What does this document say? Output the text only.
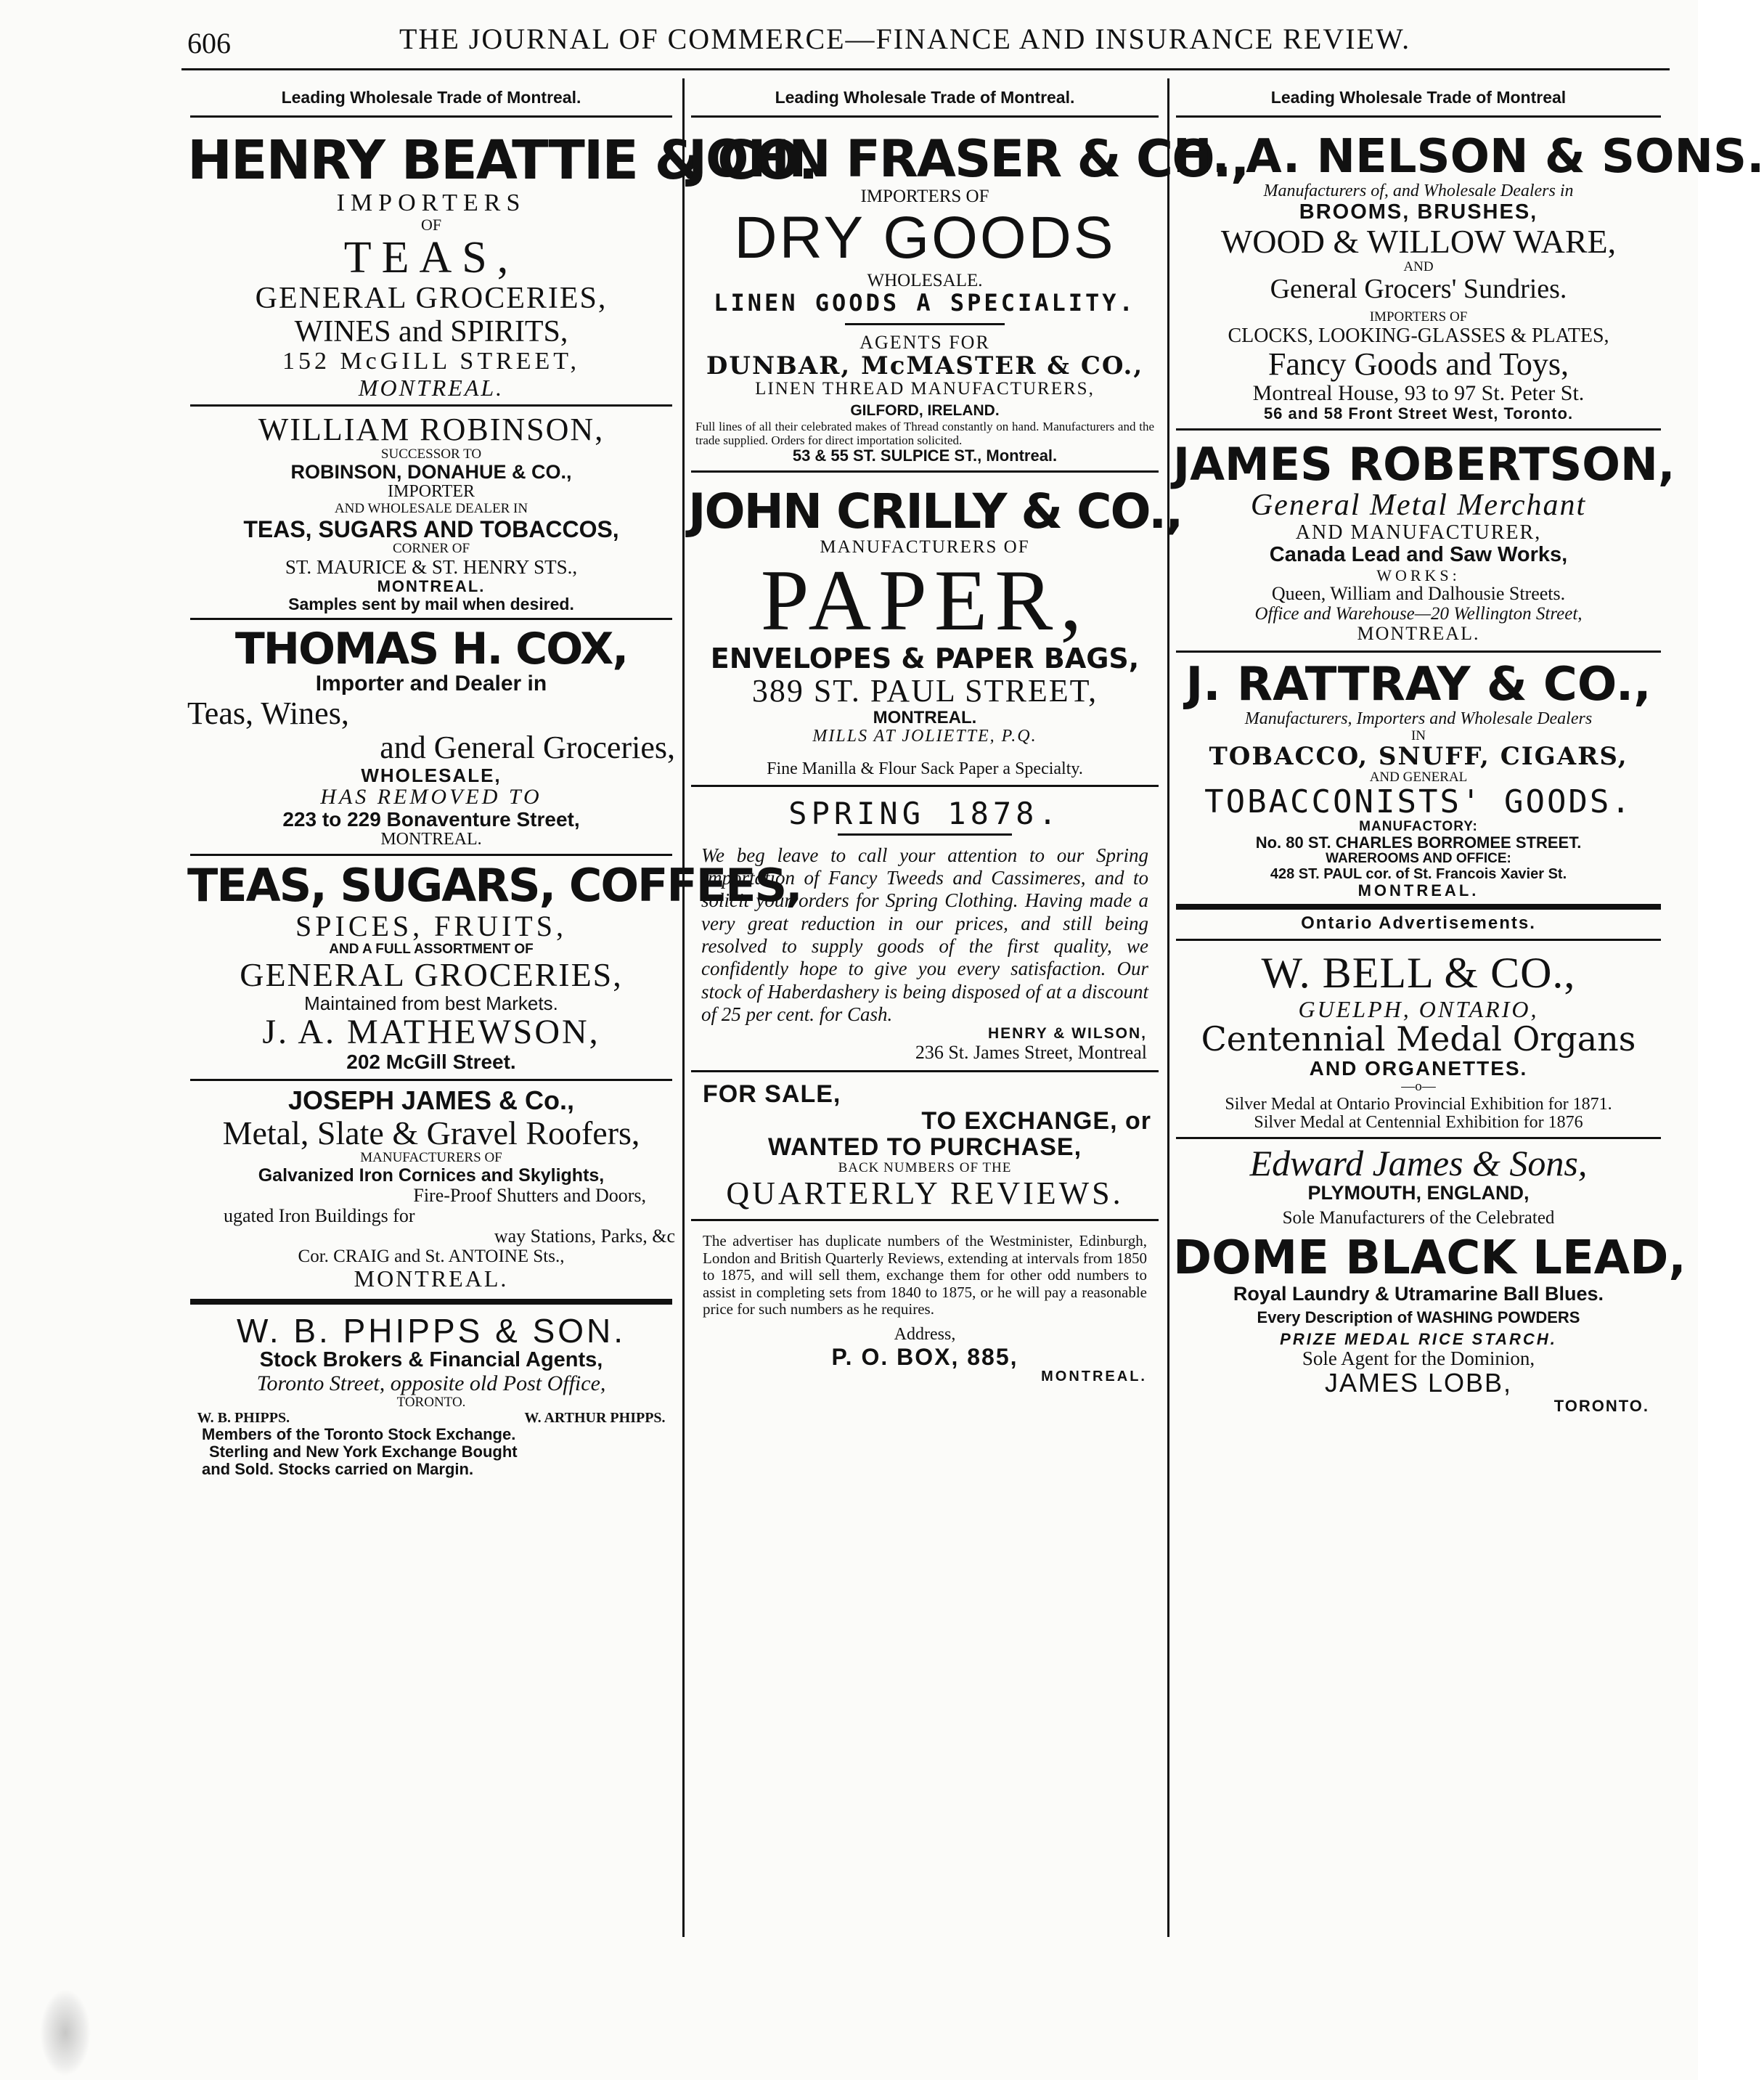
606	THE JOURNAL OF COMMERCE—FINANCE AND INSURANCE REVIEW.
Leading Wholesale Trade of Montreal.
HENRY BEATTIE & CO.
IMPORTERS
OF
TEAS,
GENERAL GROCERIES,
WINES and SPIRITS,
152 McGILL STREET,
MONTREAL.
WILLIAM ROBINSON,
SUCCESSOR TO
ROBINSON, DONAHUE & CO.,
IMPORTER
AND WHOLESALE DEALER IN
TEAS, SUGARS AND TOBACCOS,
CORNER OF
ST. MAURICE & ST. HENRY STS.,
MONTREAL.
Samples sent by mail when desired.
THOMAS H. COX,
Importer and Dealer in
Teas, Wines,
and General Groceries,
WHOLESALE,
HAS REMOVED TO
223 to 229 Bonaventure Street,
MONTREAL.
TEAS, SUGARS, COFFEES,
SPICES, FRUITS,
AND A FULL ASSORTMENT OF
GENERAL GROCERIES,
Maintained from best Markets.
J. A. MATHEWSON,
202 McGill Street.
JOSEPH JAMES & Co.,
Metal, Slate & Gravel Roofers,
MANUFACTURERS OF
Galvanized Iron Cornices and Skylights,
Fire-Proof Shutters and Doors,
ugated Iron Buildings for
way Stations, Parks, &c
Cor. CRAIG and St. ANTOINE Sts.,
MONTREAL.
W. B. PHIPPS & SON.
Stock Brokers & Financial Agents,
Toronto Street, opposite old Post Office,
TORONTO.
W. B. PHIPPS.	W. ARTHUR PHIPPS.
Members of the Toronto Stock Exchange.
Sterling and New York Exchange Bought
and Sold. Stocks carried on Margin.
Leading Wholesale Trade of Montreal.
JOHN FRASER & CO.,
IMPORTERS OF
DRY GOODS
WHOLESALE.
LINEN GOODS A SPECIALITY.
AGENTS FOR
DUNBAR, McMASTER & CO.,
LINEN THREAD MANUFACTURERS,
GILFORD, IRELAND.
Full lines of all their celebrated makes of Thread constantly on hand. Manufacturers and the trade supplied. Orders for direct importation solicited.
53 & 55 ST. SULPICE ST., Montreal.
JOHN CRILLY & CO.,
MANUFACTURERS OF
PAPER,
ENVELOPES & PAPER BAGS,
389 ST. PAUL STREET,
MONTREAL.
MILLS AT JOLIETTE, P.Q.
Fine Manilla & Flour Sack Paper a Specialty.
SPRING 1878.
We beg leave to call your attention to our Spring Importation of Fancy Tweeds and Cassimeres, and to solicit your orders for Spring Clothing. Having made a very great reduction in our prices, and still being resolved to supply goods of the first quality, we confidently hope to give you every satisfaction. Our stock of Haberdashery is being disposed of at a discount of 25 per cent. for Cash.
HENRY & WILSON,
236 St. James Street, Montreal
FOR SALE,
TO EXCHANGE, or
WANTED TO PURCHASE,
BACK NUMBERS OF THE
QUARTERLY REVIEWS.
The advertiser has duplicate numbers of the Westminister, Edinburgh, London and British Quarterly Reviews, extending at intervals from 1850 to 1875, and will sell them, exchange them for other odd numbers to assist in completing sets from 1840 to 1875, or he will pay a reasonable price for such numbers as he requires.
Address,
P. O. BOX, 885,
MONTREAL.
Leading Wholesale Trade of Montreal
H. A. NELSON & SONS.
Manufacturers of, and Wholesale Dealers in
BROOMS, BRUSHES,
WOOD & WILLOW WARE,
AND
General Grocers' Sundries.
IMPORTERS OF
CLOCKS, LOOKING-GLASSES & PLATES,
Fancy Goods and Toys,
Montreal House, 93 to 97 St. Peter St.
56 and 58 Front Street West, Toronto.
JAMES ROBERTSON,
General Metal Merchant
AND MANUFACTURER,
Canada Lead and Saw Works,
WORKS:
Queen, William and Dalhousie Streets.
Office and Warehouse—20 Wellington Street,
MONTREAL.
J. RATTRAY & CO.,
Manufacturers, Importers and Wholesale Dealers
IN
TOBACCO, SNUFF, CIGARS,
AND GENERAL
TOBACCONISTS' GOODS.
MANUFACTORY:
No. 80 ST. CHARLES BORROMEE STREET.
WAREROOMS AND OFFICE:
428 ST. PAUL cor. of St. Francois Xavier St.
MONTREAL.
Ontario Advertisements.
W. BELL & CO.,
GUELPH, ONTARIO,
Centennial Medal Organs
AND ORGANETTES.
—o—
Silver Medal at Ontario Provincial Exhibition for 1871.
Silver Medal at Centennial Exhibition for 1876
Edward James & Sons,
PLYMOUTH, ENGLAND,
Sole Manufacturers of the Celebrated
DOME BLACK LEAD,
Royal Laundry & Utramarine Ball Blues.
Every Description of WASHING POWDERS
PRIZE MEDAL RICE STARCH.
Sole Agent for the Dominion,
JAMES LOBB,
TORONTO.
